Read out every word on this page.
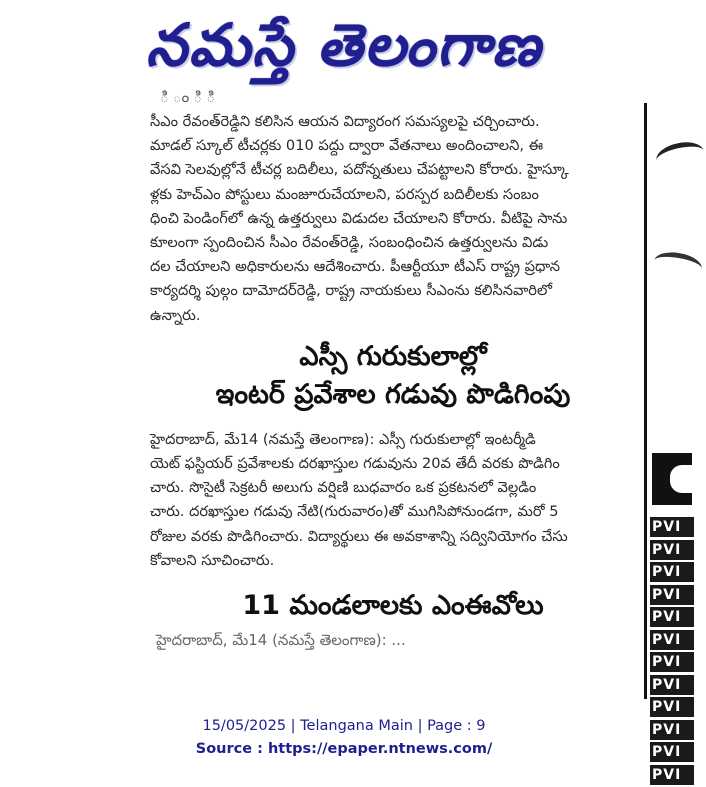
నమస్తే తెలంగాణ
ి ం ి ి
సీఎం రేవంత్‌రెడ్డిని కలిసిన ఆయన విద్యారంగ సమస్యలపై చర్చించారు.
మాడల్ స్కూల్ టీచర్లకు 010 పద్దు ద్వారా వేతనాలు అందించాలని, ఈ
వేసవి సెలవుల్లోనే టీచర్ల బదిలీలు, పదోన్నతులు చేపట్టాలని కోరారు. హైస్కూ
ళ్లకు హెచ్‌ఎం పోస్టులు మంజూరుచేయాలని, పరస్పర బదిలీలకు సంబం
ధించి పెండింగ్‌లో ఉన్న ఉత్తర్వులు విడుదల చేయాలని కోరారు. వీటిపై సాను
కూలంగా స్పందించిన సీఎం రేవంత్‌రెడ్డి, సంబంధించిన ఉత్తర్వులను విడు
దల చేయాలని అధికారులను ఆదేశించారు. పీఆర్టీయూ టీఎస్ రాష్ట్ర ప్రధాన
కార్యదర్శి పుల్గం దామోదర్‌రెడ్డి, రాష్ట్ర నాయకులు సీఎంను కలిసినవారిలో
ఉన్నారు.
ఎస్సీ గురుకులాల్లో
ఇంటర్ ప్రవేశాల గడువు పొడిగింపు
హైదరాబాద్, మే14 (నమస్తే తెలంగాణ): ఎస్సీ గురుకులాల్లో ఇంటర్మీడి
యెట్ ఫస్టియర్ ప్రవేశాలకు దరఖాస్తుల గడువును 20వ తేదీ వరకు పొడిగిం
చారు. సొసైటీ సెక్రటరీ అలుగు వర్షిణి బుధవారం ఒక ప్రకటనలో వెల్లడిం
చారు. దరఖాస్తుల గడువు నేటి(గురువారం)తో ముగిసిపోనుండగా, మరో 5
రోజుల వరకు పొడిగించారు. విద్యార్థులు ఈ అవకాశాన్ని సద్వినియోగం చేసు
కోవాలని సూచించారు.
11 మండలాలకు ఎంఈవోలు
హైదరాబాద్, మే14 (నమస్తే తెలంగాణ): ...
PVI
PVI
PVI
PVI
PVI
PVI
PVI
PVI
PVI
PVI
PVI
PVI
15/05/2025 | Telangana Main | Page : 9
Source : https://epaper.ntnews.com/
